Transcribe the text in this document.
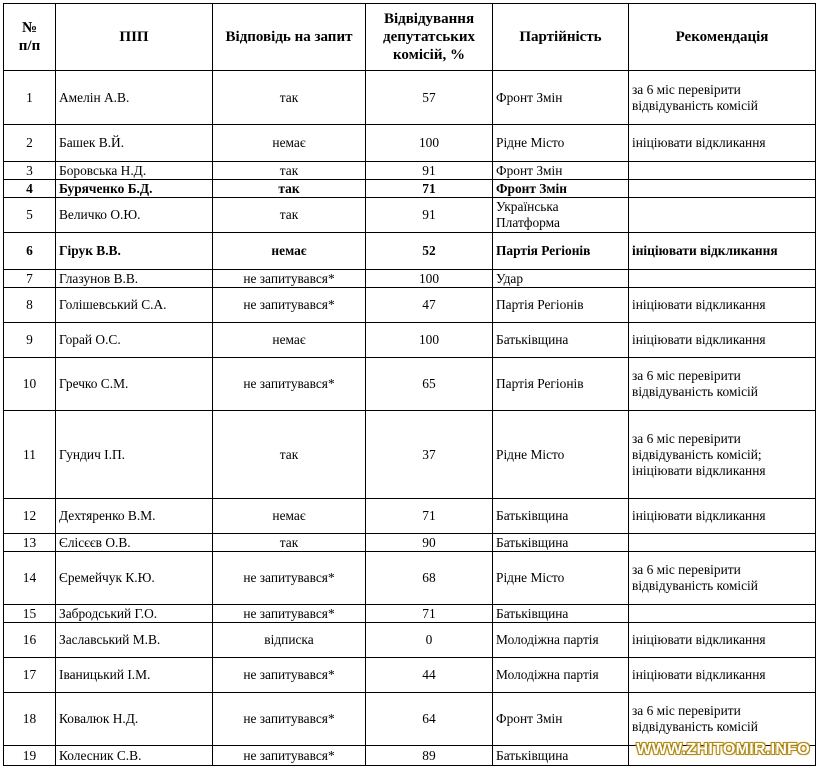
№
п/п	ПІП	Відповідь на запит	Відвідування депутатських комісій, %	Партійність	Рекомендація
1	Амелін А.В.	так	57	Фронт Змін	за 6 міс перевірити відвідуваність комісій
2	Башек В.Й.	немає	100	Рідне Місто	ініціювати відкликання
3	Боровська Н.Д.	так	91	Фронт Змін	
4	Буряченко Б.Д.	так	71	Фронт Змін	
5	Величко О.Ю.	так	91	Українська Платформа	
6	Гірук В.В.	немає	52	Партія Регіонів	ініціювати відкликання
7	Глазунов В.В.	не запитувався*	100	Удар	
8	Голішевський С.А.	не запитувався*	47	Партія Регіонів	ініціювати відкликання
9	Горай О.С.	немає	100	Батьківщина	ініціювати відкликання
10	Гречко С.М.	не запитувався*	65	Партія Регіонів	за 6 міс перевірити відвідуваність комісій
11	Гундич І.П.	так	37	Рідне Місто	за 6 міс перевірити відвідуваність комісій; ініціювати відкликання
12	Дехтяренко В.М.	немає	71	Батьківщина	ініціювати відкликання
13	Єлісєєв О.В.	так	90	Батьківщина	
14	Єремейчук К.Ю.	не запитувався*	68	Рідне Місто	за 6 міс перевірити відвідуваність комісій
15	Забродський Г.О.	не запитувався*	71	Батьківщина	
16	Заславський М.В.	відписка	0	Молодіжна партія	ініціювати відкликання
17	Іваницький І.М.	не запитувався*	44	Молодіжна партія	ініціювати відкликання
18	Ковалюк Н.Д.	не запитувався*	64	Фронт Змін	за 6 міс перевірити відвідуваність комісій
19	Колесник С.В.	не запитувався*	89	Батьківщина		WWW.ZHITOMIR.INFO
